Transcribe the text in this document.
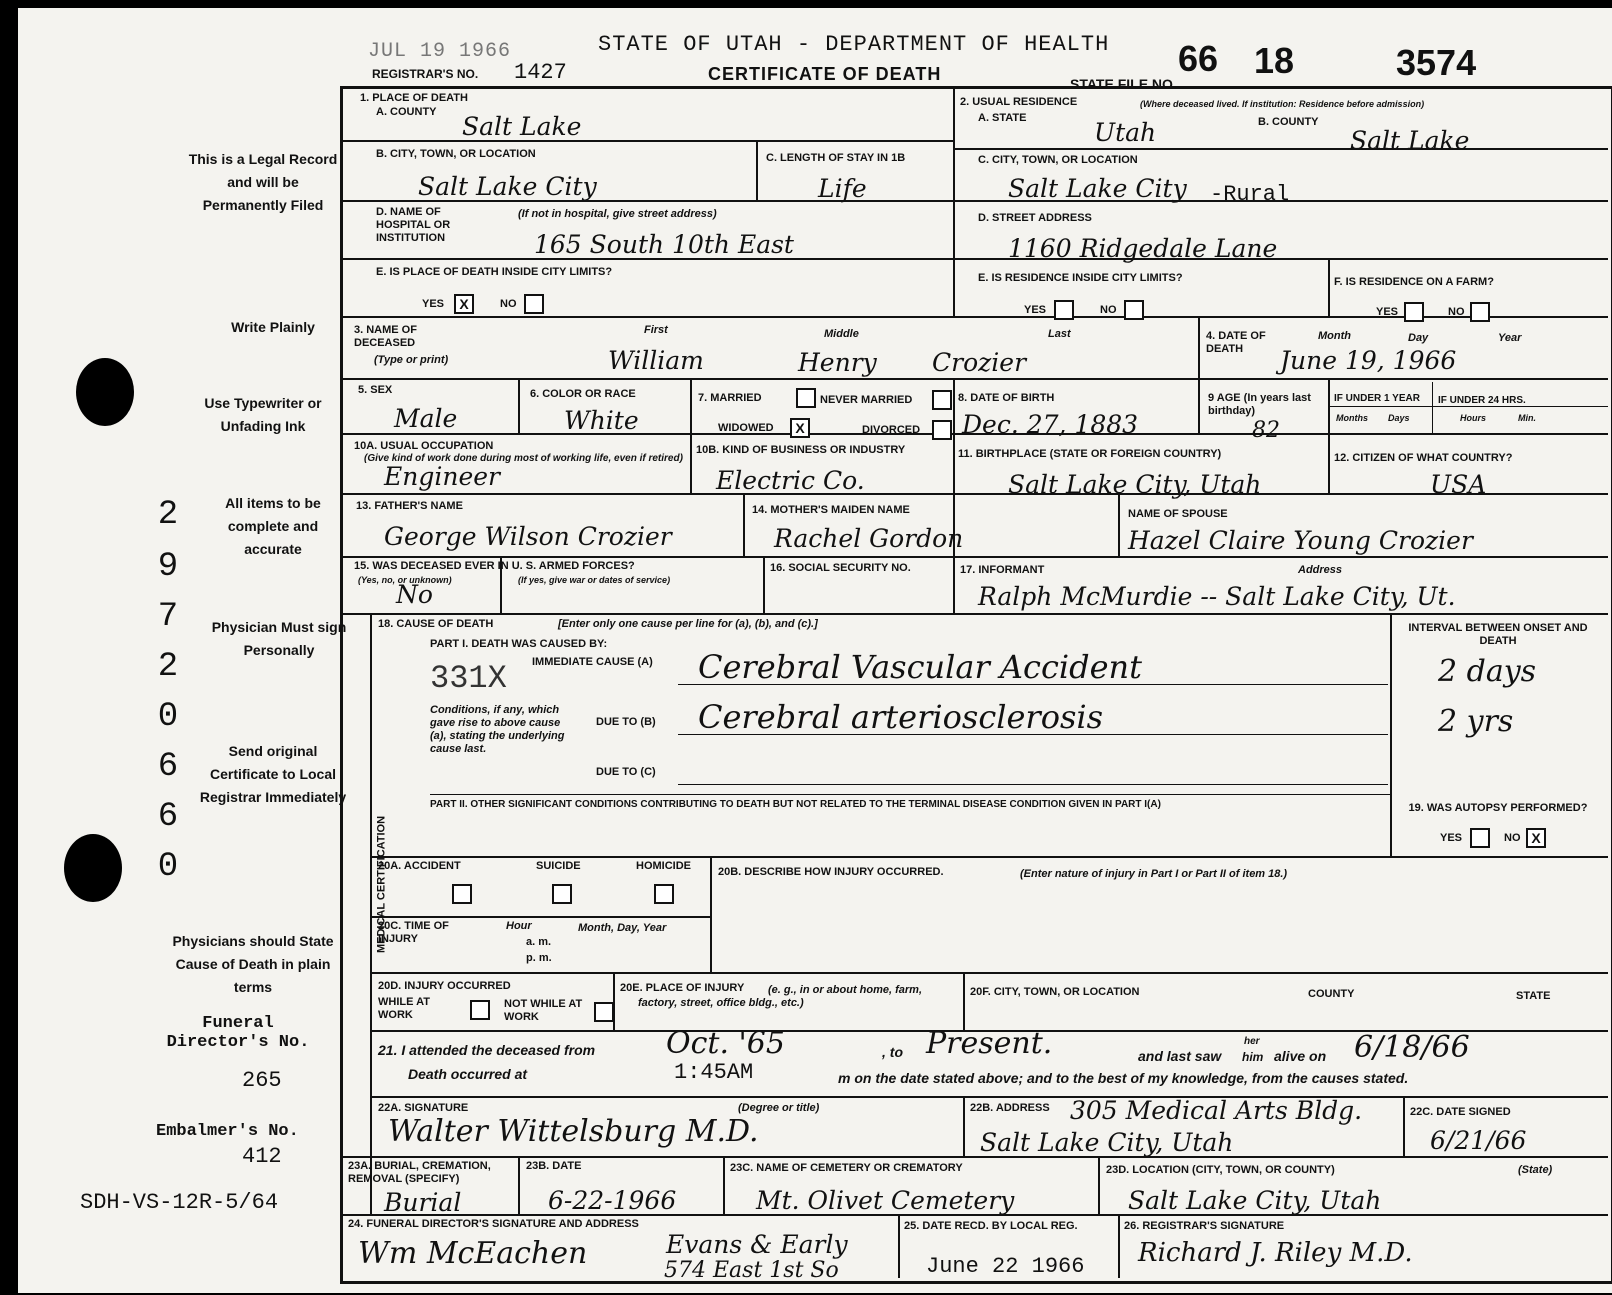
JUL 19 1966
REGISTRAR'S NO. 1427
STATE OF UTAH - DEPARTMENT OF HEALTH
CERTIFICATE OF DEATH	STATE FILE NO.
66 18	3574
This is a Legal Record and will be Permanently Filed
Write Plainly
Use Typewriter or Unfading Ink
All items to be complete and accurate
Physician Must sign Personally
Send original Certificate to Local Registrar Immediately
Physicians should State Cause of Death in plain terms
Funeral Director's No.
265
Embalmer's No.
412
SDH-VS-12R-5/64
2
9
7
2
0
6
6
0
1. PLACE OF DEATH
A. COUNTY Salt Lake
2. USUAL RESIDENCE	(Where deceased lived. If institution: Residence before admission)
A. STATE	B. COUNTY
Utah	Salt Lake
B. CITY, TOWN, OR LOCATION
Salt Lake City
C. LENGTH OF STAY IN 1B
Life
C. CITY, TOWN, OR LOCATION
Salt Lake City -Rural
D. NAME OF HOSPITAL OR INSTITUTION
(If not in hospital, give street address)
165 South 10th East
D. STREET ADDRESS
1160 Ridgedale Lane
E. IS PLACE OF DEATH INSIDE CITY LIMITS?
YES	X	NO
E. IS RESIDENCE INSIDE CITY LIMITS?
YES	NO
F. IS RESIDENCE ON A FARM?
YES	NO
3. NAME OF DECEASED
(Type or print)
First	Middle	Last
William	Henry Crozier
4. DATE OF DEATH
Month	Day	Year
June 19, 1966
5. SEX
Male
6. COLOR OR RACE
White
7. MARRIED	NEVER MARRIED
WIDOWED	X	DIVORCED
8. DATE OF BIRTH
Dec. 27, 1883
9 AGE (In years last birthday)
82
IF UNDER 1 YEAR IF UNDER 24 HRS.
Months Days	Hours	Min.
10A. USUAL OCCUPATION
(Give kind of work done during most of working life, even if retired)
Engineer
10B. KIND OF BUSINESS OR INDUSTRY
Electric Co.
11. BIRTHPLACE (STATE OR FOREIGN COUNTRY)
Salt Lake City, Utah
12. CITIZEN OF WHAT COUNTRY?
USA
13. FATHER'S NAME
George Wilson Crozier
14. MOTHER'S MAIDEN NAME
Rachel Gordon
NAME OF SPOUSE
Hazel Claire Young Crozier
15. WAS DECEASED EVER IN U. S. ARMED FORCES?
(Yes, no, or unknown)	(If yes, give war or dates of service)
No
16. SOCIAL SECURITY NO.	17. INFORMANT	Address
Ralph McMurdie -- Salt Lake City, Ut.
MEDICAL CERTIFICATION
18. CAUSE OF DEATH	[Enter only one cause per line for (a), (b), and (c).]
PART I. DEATH WAS CAUSED BY:
IMMEDIATE CAUSE (A)
331X
Conditions, if any, which gave rise to above cause (a), stating the underlying cause last.
DUE TO (B)
DUE TO (C)
Cerebral Vascular Accident
Cerebral arteriosclerosis
INTERVAL BETWEEN ONSET AND DEATH
2 days
2 yrs
PART II. OTHER SIGNIFICANT CONDITIONS CONTRIBUTING TO DEATH BUT NOT RELATED TO THE TERMINAL DISEASE CONDITION GIVEN IN PART I(A)	19. WAS AUTOPSY PERFORMED?
YES	NO X
20A. ACCIDENT	SUICIDE	HOMICIDE 20B. DESCRIBE HOW INJURY OCCURRED.	(Enter nature of injury in Part I or Part II of item 18.)
20C. TIME OF INJURY
Hour
a. m.
p. m.
Month, Day, Year
20D. INJURY OCCURRED
WHILE AT WORK
NOT WHILE AT WORK
20E. PLACE OF INJURY	(e. g., in or about home, farm, factory, street, office bldg., etc.)
20F. CITY, TOWN, OR LOCATION	COUNTY	STATE
21. I attended the deceased from Oct. '65	, to Present.	and last saw
her
him alive on 6/18/66
Death occurred at	1:45AM	m on the date stated above; and to the best of my knowledge, from the causes stated.
22A. SIGNATURE	(Degree or title)
Walter Wittelsburg M.D.
22B. ADDRESS 305 Medical Arts Bldg.
Salt Lake City, Utah
22C. DATE SIGNED
6/21/66
23A. BURIAL, CREMATION, REMOVAL (SPECIFY)
Burial
23B. DATE
6-22-1966
23C. NAME OF CEMETERY OR CREMATORY
Mt. Olivet Cemetery
23D. LOCATION (CITY, TOWN, OR COUNTY)	(State)
Salt Lake City, Utah
24. FUNERAL DIRECTOR'S SIGNATURE AND ADDRESS
Wm McEachen	Evans & Early
574 East 1st So
25. DATE RECD. BY LOCAL REG.
June 22 1966
26. REGISTRAR'S SIGNATURE
Richard J. Riley M.D.
